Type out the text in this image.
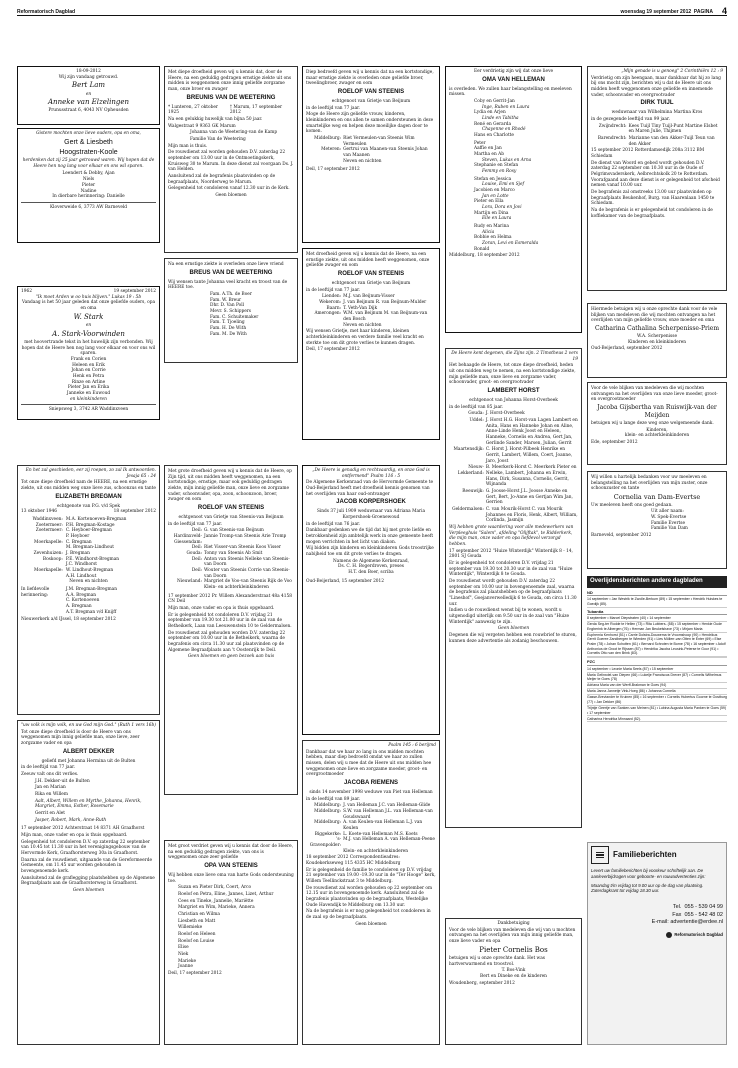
Reformatorisch Dagblad	woensdag 19 september 2012 PAGINA 4
18-09-2012
Wij zijn vandaag getrouwd.
Bert Lam
en
Anneke van Elzelingen
Prunusstraat 6, 4043 NV Opheusden
Gistere mochten onze lieve ouders, opa en oma,
Gert & Liesbeth
Hoogstraten-Koole
herdenken dat zij 25 jaar getrouwd waren. Wij hopen dat de Heere hen nog lang voor elkaar en ons wil sparen.
Leendert & Debby, Ajan
Niels
Pieter
Nadine
In dierbare herinnering: Danielle
Kloverweide 6, 3773 AW Barneveld
1962	19 september 2012
"Ik moet Arden w oo huis blijven." Lukas 19 : 5b
Vandaag is het 50 jaar geleden dat onze geliefde ouders, opa en oma
W. Stark
en
A. Stark-Voorwinden
met hoovertrande tekst in het huwelijk zijn verbonden. Wij hopen dat de Heere hen nog lang voor elkaar en voor ons wil sparen.
Frank en Corien
Heleen en Erik
Johan en Corrie
Henk en Petra
Rinze en Arline
Pieter Jan en Erika
Janneke en Euwoud
en kleinkinderen
Sniepsweg 3, 3742 AR Waddinxveen
En het zal geschieden, eer zij roepen, zo zal Ik antwoorden. Jesaja 65 : 24
Tot onze diepe droefheid nam de HEERE, na een ernstige ziekte, uit ons midden weg onze lieve zus, schoonzus en tante
ELIZABETH BREGMAN
echtgenote van P.G. v/d Spek
13 oktober 1946	18 september 2012
Waddinxveen: M.A. Kortenoeven-Bregman
Zoetermeer: P.H. Bregman-Kostage
Zoetermeer: C. Heyboer-Bregman
P. Heyboer
Moerkapelle: C. Bregman
M. Bregman-Lindhout
Zevenhuizen: J. Bregman
Boskoop: P.E. Windhorst-Bregman
J.C. Windhorst
Moerkapelle: W. Lindhout-Bregman
A.H. Lindhout
Neven en nichten
In liefdevolle herinnering:
J.M. Bregman-Bregman
A.A. Bregman
C. Kortenoeven
A. Bregman
A.T. Bregman v/d Knijff
Nieuwerkerk a/d IJssel, 18 september 2012
"uw volk is mijn volk, en uw God mijn God." (Ruth 1 vers 16b)
Tot onze diepe droefheid is door de Heere van ons weggenomen mijn innig geliefde man, onze lieve, zeer zorgzame vader en opa
ALBERT DEKKER
geliefd met Johanna Hermina uit de Bulten
in de leeftijd van 77 jaar.
Zeeuw valt ons dit verlies.
J.H. Dekker-uit de Bulten
Jan en Marian
Rika en Willem
Aalt, Albert, Willem en Myrthe, Johanna, Henrik, Margriet, Emma, Esther, Rosemarie
Gerrit en Alet
Jasper, Robert, Mark, Anne-Ruth
17 september 2012 Achterstraat 14 8371 AH Graafhorst
Mijn man, onze vader en opa is thuis opgebaard.
Gelegenheid tot condoleren D.V. op zaterdag 22 september van 10.45 tot 11.30 uur in het verenigingsgebouw van de Hervormde Kerk, Graafhorsterweg 30a in Graafhorst.
Daarna zal de rouwdienst, uitgaande van de Gereformeerde Gemeente, om 11.45 uur worden gehouden in bovengenoemde kerk.
Aansluitend zal de graflegging plaatshebben op de Algemene Begraafplaats aan de Graafhorsterweg in Graafhorst.
Geen bloemen
Met diepe droefheid geven wij u kennis dat, door de Heere, na een geduldig gedragen ernstige ziekte uit ons midden is weggenomen onze innig geliefde zorgzame man, onze broer en zwager
BREUNIS VAN DE WEETERING
* Lunteren, 27 oktober 1925
† Marum, 17 september 2012
Na een gelukkig huwelijk van bijna 50 jaar.
Walgestraat 9 9363 GK Marum
Johanna van de Weetering-van de Kamp
Familie Van de Weetering
Mijn man is thuis.
De rouwdienst zal worden gehouden D.V. zaterdag 22 september om 13.00 uur in de Ontmoetingskerk, Kruisweg 30 te Marum. In deze dienst zal voorgaan Ds. J. van Helden.
Aansluitend zal de begrafenis plaatsvinden op de begraafplaats, Noorderweg te Marum.
Gelegenheid tot condoleren vanaf 12.30 uur in de Kerk.
Geen bloemen
Na een ernstige ziekte is overleden onze lieve vriend
BREUS VAN DE WEETERING
Wij wensen tante Johanna veel kracht en troost van de HEERE toe.
Fam. A.Th. de Boer
Fam. W. Breur
Dhr. D. Van Poll
Mevr. S. Schippers
Fam. C. Schuitemaker
Fam. T. Tjoeling
Fam. H. De With
Fam. M. De With
Met grote droefheid geven wij u kennis dat de Heere, op Zijn tijd, uit ons midden heeft weggenomen, na een kortstondige, ernstige, maar ook geduldig gedragen ziekte, mijn innig geliefde man, onze lieve en zorgzame vader, schoonvader, opa, zoon, schoonzoon, broer, zwager en oom
ROELOF VAN STEENIS
echtgenoot van Grietje van Steenis-van Beijnum
in de leeftijd van 77 jaar.
Deil: G. van Steenis-van Beijnum
Hardinxveld-Giessendam:
Jannie Tromp-van Steenis Arie Tromp
Deil: Riet Visser-van Steenis Koos Visser
Gouda: Tonny van Steenis Ab Smit
Deil: Anton van Steenis Nelleke van Steenis-van Doorn
Deil: Wouter van Steenis Corrie van Steenis-van Doorn
Nieuwland: Margriet de Voo-van Steenis Rijk de Voo
Klein- en achterkleinkinderen
17 september 2012 Pr. Willem Alexanderstraat 48a 4158 CN Deil
Mijn man, onze vader en opa is thuis opgebaard.
Er is gelegenheid tot condoleren D.V. vrijdag 21 september van 19.30 tot 21.00 uur in de zaal van de Betheikerk, Laan van Leeuwenstein 10 te Geldermalsen.
De rouwdienst zal gehouden worden D.V. zaterdag 22 september om 10.00 uur in de Betheikerk, waarna de begrafenis om circa 11.30 uur zal plaatsvinden op de Algemene Begraafplaats aan 't Oostenrijk te Deil.
Geen bloemen en geen bezoek aan huis
Met groot verdriet geven wij u kennis dat door de Heere, na een geduldig gedragen ziekte, van ons is weggenomen onze zeer geliefde
OPA VAN STEENIS
Wij hebben onze lieve oma van harte Gods ondersteuning toe.
Suzan en Pieter Dirk, Coert, Arco
Roelof en Petra, Eline, Jannes, Lizet, Arthur
Cees en Tineke, Jannelie, Mariëtte
Margriet en Wim, Marieke, Annera
Christian en Wilma
Liesbeth en Matt
Willemieke
Roelof en Heleen
Roelof en Louise
Elise
Niek
Marieke
Joanne
Deil, 17 september 2012
Diep bedroefd geven wij u kennis dat na een kortstondige, maar ernstige ziekte is overleden onze geliefde broer, tweelingbroer, zwager en oom
ROELOF VAN STEENIS
echtgenoot van Grietje van Beijnum
in de leeftijd van 77 jaar.
Moge de Heere zijn geliefde vrouw, kinderen, kleinkinderen en ons allen te samen ondersteunen in deze smartelijke weg en helpen deze moeilijke dagen door te komen.
Middelburg: Riet Vermeulen-van Steenis Wim Vermeulen
Meteren: Gertrui van Maanen-van Steenis Johan van Maanen
Neven en nichten
Deil, 17 september 2012
Met droefheid geven wij u kennis dat de Heere, na een ernstige ziekte, uit ons midden heeft weggenomen, onze geliefde zwager en oom
ROELOF VAN STEENIS
echtgenoot van Grietje van Beijnum
in de leeftijd van 77 jaar.
Lienden: M.J. van Beijnum-Visser
Wekerom: J. van Beijnum R. van Beijnum-Mulder
Baarn: T. Veth-Van Dijk
Amerongen: W.M. van Beijnum M. van Beijnum-van den Bosch
Neven en nichten
Wij wensen Grietje, met haar kinderen, kleinen achterkleinkinderen en verdere familie veel kracht en sterkte toe om dit grote verlies te kunnen dragen.
Deil, 17 september 2012
„De Heere is genadig en rechtvaardig, en onze God is ontfermend" Psalm 116 : 5
De Algemene Kerkenraad van de Hervormde Gemeente te Oud-Beijerland heeft met droefheid kennis genomen van het overlijden van haar oud-ontvanger
JACOB KORPERSHOEK
Sinds 37 juli 1909 weduwnaar van Adriana Maria Korpershoek-Groenewoud
in de leeftijd van 76 jaar.
Dankbaar gedenken we de tijd dat hij met grote liefde en betrokkenheid zijn ambtelijk werk in onze gemeente heeft mogen verrichten in het licht van diakon.
Wij bidden zijn kinderen en kleinkinderen Gods troostrijke nabijheid toe om dit grote verlies te dragen.
Namens de Algemene Kerkenraad,
Ds. C. H. Bogerdroven, preses
H.T. den Boer, scriba
Oud-Beijerland, 15 september 2012
Psalm 145 : 6 berijmd
Dankbaar dat we haar zo lang in ons midden mochten hebben, maar diep bedroefd omdat we haar zo zullen missen, delen wij u mee dat de Heere uit ons midden hee weggenomen onze lieve en zorgzame moeder, groot- en overgrootmoeder
JACOBA RIEMENS
sinds 14 november 1998 weduwe van Piet van Helleman
in de leeftijd van 89 jaar.
Middelburg: J. van Helleman J.C. van Helleman-Glide
Middelburg: S.W. van Helleman J.L. van Helleman-van Goudswaard
Middelburg: A. van Keulen-van Helleman L.J. van Keulen
Biggekerke: L. Koete-van Helleman M.S. Koets
's-Gravenpolder:
M.J. van Helleman A. van Helleman-Peene
Klein- en achterkleinkinderen
18 september 2012 Correspondentieadres: Koudekerkseweg 115 4335 HC Middelburg
Er is gelegenheid de familie te condoleren op D.V. vrijdag 21 september van 19.00 -19.30 uur in de "Ter Hooge" kerk, Willem Teellinckstraat 3 te Middelburg.
De rouwdienst zal worden gehouden op 22 september om 12.15 uur in bovengenoemde kerk. Aansluitend zal de begrafenis plaatsvinden op de begraafplaats, Westelijke Oude Havendijk te Middelburg om 13.30 uur.
Na de begrafenis is er nog gelegenheid tot condoleren in de zaal op de begraafplaats.
Geen bloemen
Eer verdrietig zijn wij dat onze lieve
OMA VAN HELLEMAN
is overleden. We zullen haar belangstelling en meeleven missen.
Coby en Gerrit-Jan
Inge, Ruben en Laura
Lydia en Arjen
Linde en Tabitha
René en Gerarda
Chayenne en Rhodé
Hans en Charlotte
Peter
Aaffie en Jan
Martha en Ab
Steven, Lukas en Arna
Stephanie en Stefan
Femmy en Rosy
Stefan en Jessica
Louise, Emi en Sjef
Jacobien en Marco
Jan en Lotte
Pieter en Ella
Lora, Dora en Jovi
Martijn en Dina
Elle en Laura
Rudy en Marina
Alicia
Bobbie en Helma
Zoran, Levi en Esmeralda
Ronald
Middelburg, 18 september 2012
De Heere kent degenen, die Zijns zijn. 2 Timotheus 2 vers 19
Het behaagde de Heere, tot onze diepe droefheid, heden uit ons midden weg te nemen, na een kortstondige ziekte, mijn geliefde man, onze lieve en zorgzame vader, schoonvader, groot- en overgrootvader
LAMBERT HORST
echtgenoot van Johanna Horst-Overbeek
in de leeftijd van 85 jaar.
Gouda: J. Horst-Overbeek
Uddel: J. Horst H.G. Horst-van Lagen Lambert en Anita, Hans en Hanneke Johan en Aline, Anne-Linde Henk Joost en Heleen, Hanneke, Cornelis en Andrea, Gert Jan, Gerlinde Sander, Marsen, Julian, Gerrit
Maartensdijk: C. Horst J. Horst-Pilbeek Henrike en Gerrit, Lambert, Willem, Coert, Joanne, Jaro, Joost
Nieuw-Lekkerland:
B. Meerkerk-Horst C. Meerkerk Pieter en Nelleke, Lambert, Johanna en Erwin, Hans, Dirk, Susanna, Cornelis, Gerrit, Wijnanda
Reeuwijk: G. Joosse-Horst J.L. Joosse Anneke en Gert, Bert, Jo-Anne en Gertjan Wim Jan, Gerrien
Geldermalsen: C. van Mourik-Horst C. van Mourik Johannes en Floris, Henk, Albert, William, Corlinda, Jasmijn
Wij hebben grote waardering voor alle medewerkers van Verpleeghuis "Salem", afdeling "Olijftak", te Ridderkerk, die mijn man, onze vader en opa liefdevol verzorgd hebben.
17 september 2012 "Huize Winterdijk" Winterdijk 8 - 14, 2801 SJ Gouda
Er is gelegenheid tot condoleren D.V. vrijdag 21 september van 19.30 tot 20.30 uur in de zaal van "Huize Winterdijk", Winterdijk 8 te Gouda.
De rouwdienst wordt gehouden D.V. zaterdag 22 september om 10.00 uur in bovengenoemde zaal, waarna de begrafenis zal plaatshebben op de begraafplaats "Lineshof", Goejanverwelledijk 6 te Gouda, om circa 11.30 uur.
Indien u de rouwdienst wenst bij te wonen, wordt u uitgenodigd uiterlijk om 9.50 uur in de zaal van "Huize Winterdijk" aanwezig te zijn.
Geen bloemen
Degenen die wij vergeten hebben een rouwbrief te sturen, kunnen deze advertentie als zodanig beschouwen.
Dankbetuiging
Voor de vele blijken van medeleven die wij van u mochten ontvangen na het overlijden van mijn innig geliefde man, onze lieve vader en opa
Pieter Cornelis Bos
betuigen wij u onze oprechte dank. Het was hartverwarmend en troostvol.
T. Bos-Vink
Bert en Dineke en de kinderen
Woudenberg, september 2012
„Mijn genade is u genoeg" 2 Corinthiërs 12 : 9
Verdrietig om zijn heengaan, maar dankbaar dat hij zo lang bij ons mocht zijn, berichten wij u dat de Heere uit ons midden heeft weggenomen onze geliefde en innemende vader, schoonvader en overgrootvader
DIRK TUIJL
weduwnaar van Wilhelmina Martina Kros
in de gezegende leeftijd van 99 jaar.
Zwijndrecht: Kees Tuijl Tiny Tuijl-Punt Martine Elsbet en Maren Julie, Thijmen
Barendrecht: Marianne van den Akker-Tuijl Teun van den Akker
15 september 2012 Rotterdamsedijk 208a 3112 BM Schiedam
De dienst van Woord en gebed wordt gehouden D.V. zaterdag 22 september om 10.30 uur in de Oude of Pelgrimsvaderskerk, Aelbrechtskolk 20 te Rotterdam. Voorafgaand aan deze dienst is er gelegenheid tot afscheid nemen vanaf 10.00 uur.
De begrafenis zal omstreeks 13.00 uur plaatsvinden op begraafplaats Beukenhof, Burg. van Haarenlaan 1450 te Schiedam.
Na de begrafenis is er gelegenheid tot condoleren in de koffiekamer van de begraafplaats.
Hiermede betuigen wij u onze oprechte dank voor de vele blijken van medeleven die wij mochten ontvangen na het overlijden van mijn geliefde vrouw, onze moeder en oma
Catharina Cathalina Scherpenisse-Priem
W.A. Scherpenisse
Kinderen en kleinkinderen
Oud-Beijerland, september 2012
Voor de vele blijken van medeleven die wij mochten ontvangen na het overlijden van onze lieve moeder, groot- en overgrootmoeder
Jacoba Gijsbertha van Ruiswijk-van der Meijden
betuigen wij u lange deze weg onze welgemeende dank.
Kinderen,
klein- en achterkleinkinderen
Ede, september 2012
Wij willen u hartelijk bedanken voor uw meeleven en belangstelling na het overlijden van mijn zuster, onze schoonzuster en tante
Cornelia van Dam-Evertse
Uw meeleven heeft ons goed gedaan.
Uit aller naam:
W. Spek-Evertse
Familie Evertse
Familie Van Dam
Barneveld, september 2012
Overlijdensberichten andere dagbladen
ND
14 september • Jan Westrik te Zwolle-Berkum (89) • 15 september • Hendrik Huiskes te Goedijk (85).
Tubantia
8 september • Marcel Diepstraten (40) • 14 september
Gerda Seg-ter Rodde te Hellen (73) • Rita Lubbers- (58) • 15 september • Henkie Oude Engberink te Albergen (76) • Herman Jan Beukelshave (73) • Mirjam Maria
Euphemia Kenhorst (51) • Carrie Dolstra-Douwema te Vroomshoop (90) • Hendrikus Gerrit Goeree Zandbergen te Wierden (91) • Lies Möllerr-van Otten te Enter (69) • Else Pralm (78) • Johan Schotten (61) • Bernard Schroten te Borne (78) • 16 september • Adolf Anthonius de Groot te Rijssen (87) • Hendrika Jacoba Leusink-Peterse te Goor (91) • Cornelis Otto van den Brink (83).
PZC
14 september • Leonie Maria Seels (87) • 15 september
Maria Gelinxdel-van Diepen (66) • Lukelje Franciscus Drever (87) • Cornelis Wilhelmus Meijer te Goes (78)
Adriana Maria van der Werff-Brakman te Goes (94)
Maria Janna Jannetje Vink-Hoeg (86) • Johanna Cornelia
Gasse-Breviander te Kruinen (85) • 16 september • Cornelis Hubertus Goorne te Oostburg (77) • Jan Dekker (86)
Trijntje Geertje van Sanken-van Meinen (81) • Lubina Augusta Maria Panken te Goes (59) • 17 september
Catharina Hendrika Minnaard (52).
Familieberichten
Levert uw familieberichten bij voorkeur schriftelijk aan. De aanleverbijdragen voor geboorte- en rouwadvertenties zijn:
Maandag t/m vrijdag tot 9.00 uur op de dag van plaatsing. Zaterdagkrant tot vrijdag 18.30 uur.
Tel. 055 - 539 04 99
Fax 055 - 542 48 02
E-mail: advertentie@erdee.nl
Reformatorisch Dagblad
